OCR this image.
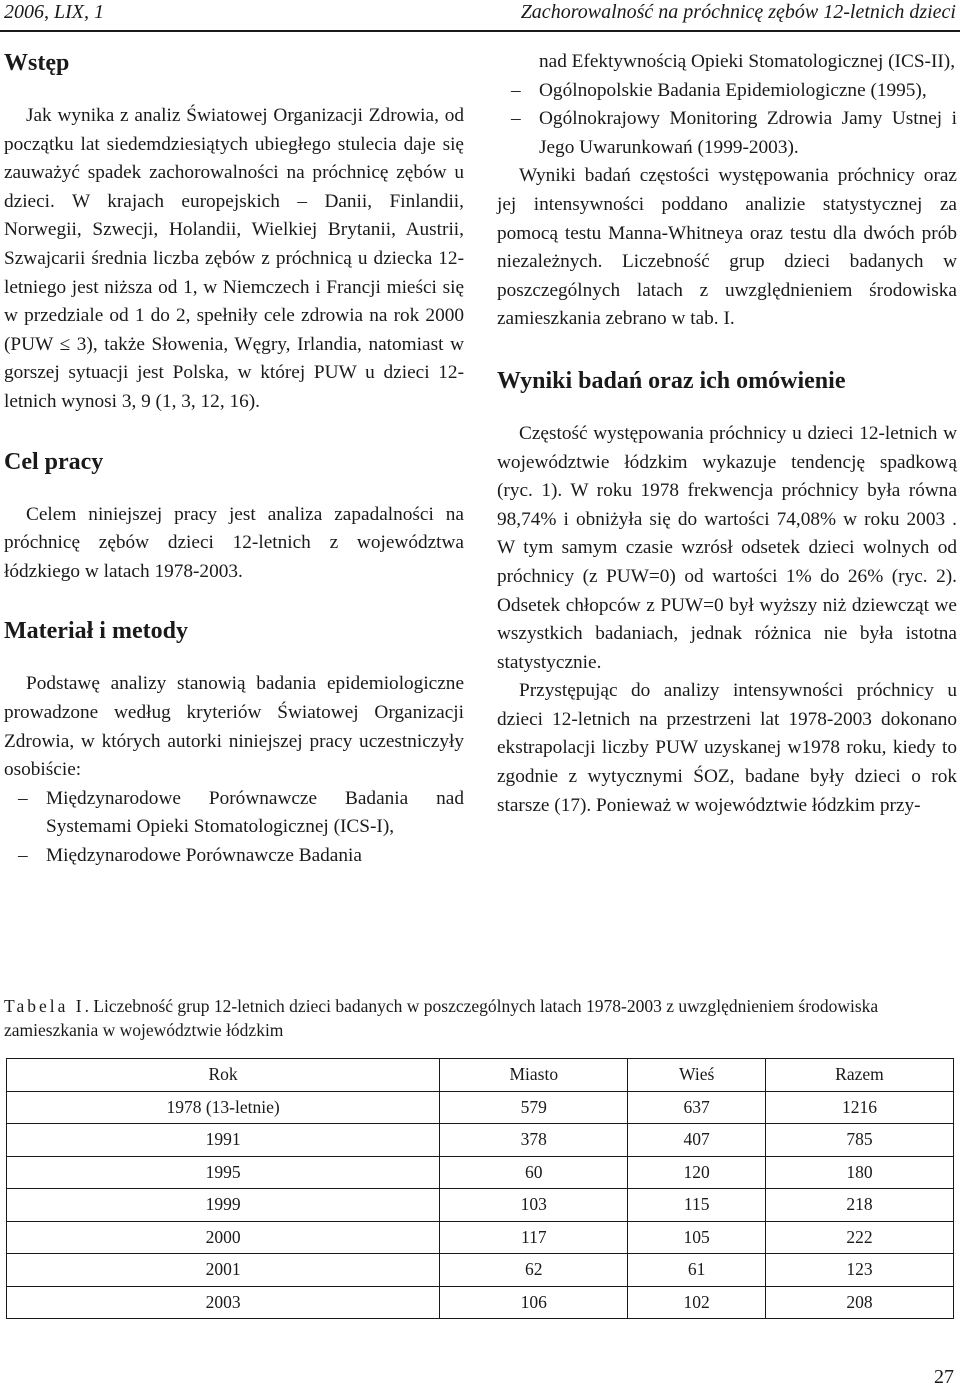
2006, LIX, 1	Zachorowalność na próchnicę zębów 12-letnich dzieci
Wstęp

Jak wynika z analiz Światowej Organizacji Zdrowia, od początku lat siedemdziesiątych ubiegłego stulecia daje się zauważyć spadek zachorowalności na próchnicę zębów u dzieci. W krajach europejskich – Danii, Finlandii, Norwegii, Szwecji, Holandii, Wielkiej Brytanii, Austrii, Szwajcarii średnia liczba zębów z próchnicą u dziecka 12-letniego jest niższa od 1, w Niemczech i Francji mieści się w przedziale od 1 do 2, spełniły cele zdrowia na rok 2000 (PUW ≤ 3), także Słowenia, Węgry, Irlandia, natomiast w gorszej sytuacji jest Polska, w której PUW u dzieci 12-letnich wynosi 3, 9 (1, 3, 12, 16).

Cel pracy

Celem niniejszej pracy jest analiza zapadalności na próchnicę zębów dzieci 12-letnich z województwa łódzkiego w latach 1978-2003.

Materiał i metody

Podstawę analizy stanowią badania epidemiologiczne prowadzone według kryteriów Światowej Organizacji Zdrowia, w których autorki niniejszej pracy uczestniczyły osobiście:

– Międzynarodowe Porównawcze Badania nad Systemami Opieki Stomatologicznej (ICS-I),
– Międzynarodowe Porównawcze Badania
nad Efektywnością Opieki Stomatologicznej (ICS-II),
– Ogólnopolskie Badania Epidemiologiczne (1995),
– Ogólnokrajowy Monitoring Zdrowia Jamy Ustnej i Jego Uwarunkowań (1999-2003).

Wyniki badań częstości występowania próchnicy oraz jej intensywności poddano analizie statystycznej za pomocą testu Manna-Whitneya oraz testu dla dwóch prób niezależnych. Liczebność grup dzieci badanych w poszczególnych latach z uwzględnieniem środowiska zamieszkania zebrano w tab. I.

Wyniki badań oraz ich omówienie

Częstość występowania próchnicy u dzieci 12-letnich w województwie łódzkim wykazuje tendencję spadkową (ryc. 1). W roku 1978 frekwencja próchnicy była równa 98,74% i obniżyła się do wartości 74,08% w roku 2003 . W tym samym czasie wzrósł odsetek dzieci wolnych od próchnicy (z PUW=0) od wartości 1% do 26% (ryc. 2). Odsetek chłopców z PUW=0 był wyższy niż dziewcząt we wszystkich badaniach, jednak różnica nie była istotna statystycznie.

Przystępując do analizy intensywności próchnicy u dzieci 12-letnich na przestrzeni lat 1978-2003 dokonano ekstrapolacji liczby PUW uzyskanej w1978 roku, kiedy to zgodnie z wytycznymi ŚOZ, badane były dzieci o rok starsze (17). Ponieważ w województwie łódzkim przy-

Tabela I. Liczebność grup 12-letnich dzieci badanych w poszczególnych latach 1978-2003 z uwzględnieniem środowiska zamieszkania w województwie łódzkim
Rok	Miasto	Wieś	Razem
1978 (13-letnie)	579	637	1216
1991	378	407	785
1995	60	120	180
1999	103	115	218
2000	117	105	222
2001	62	61	123
2003	106	102	208
27
